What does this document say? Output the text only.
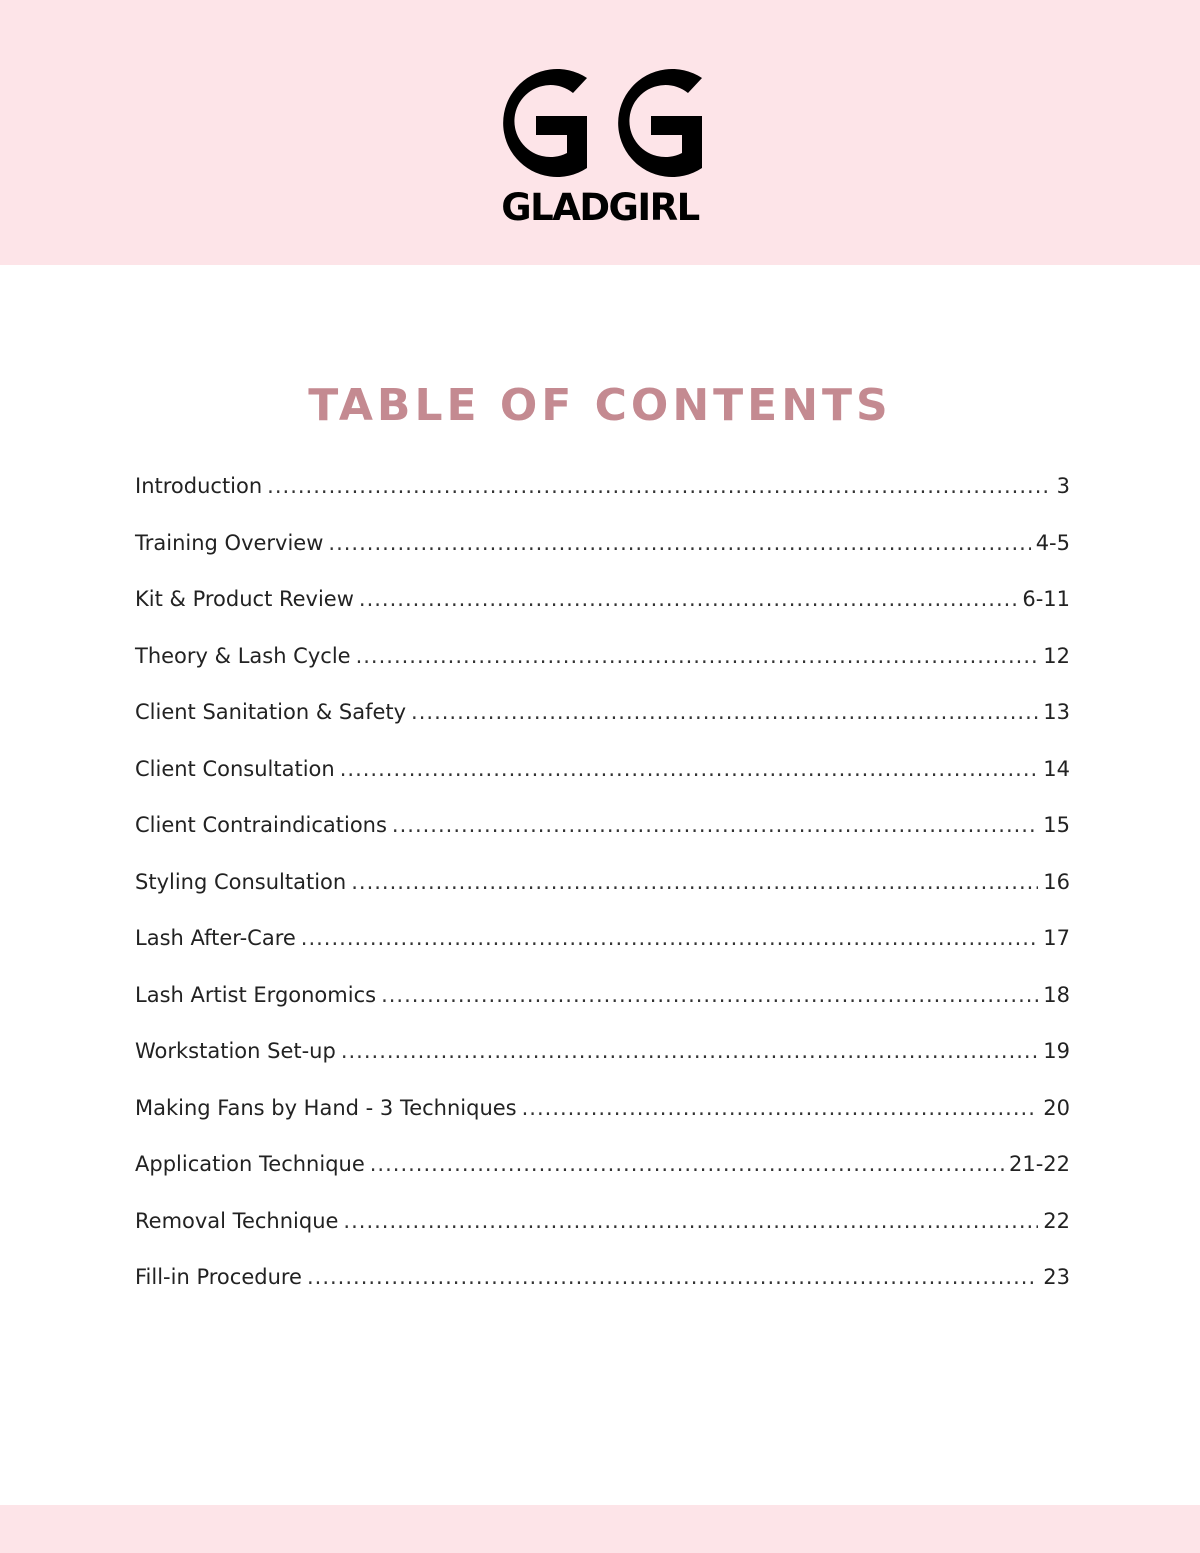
GLADGIRL
TABLE OF CONTENTS
Introduction .....	3
Training Overview .....	4-5
Kit & Product Review .....	6-11
Theory & Lash Cycle .....	12
Client Sanitation & Safety .....	13
Client Consultation .....	14
Client Contraindications .....	15
Styling Consultation .....	16
Lash After-Care .....	17
Lash Artist Ergonomics .....	18
Workstation Set-up .....	19
Making Fans by Hand - 3 Techniques .....	20
Application Technique .....	21-22
Removal Technique .....	22
Fill-in Procedure .....	23
